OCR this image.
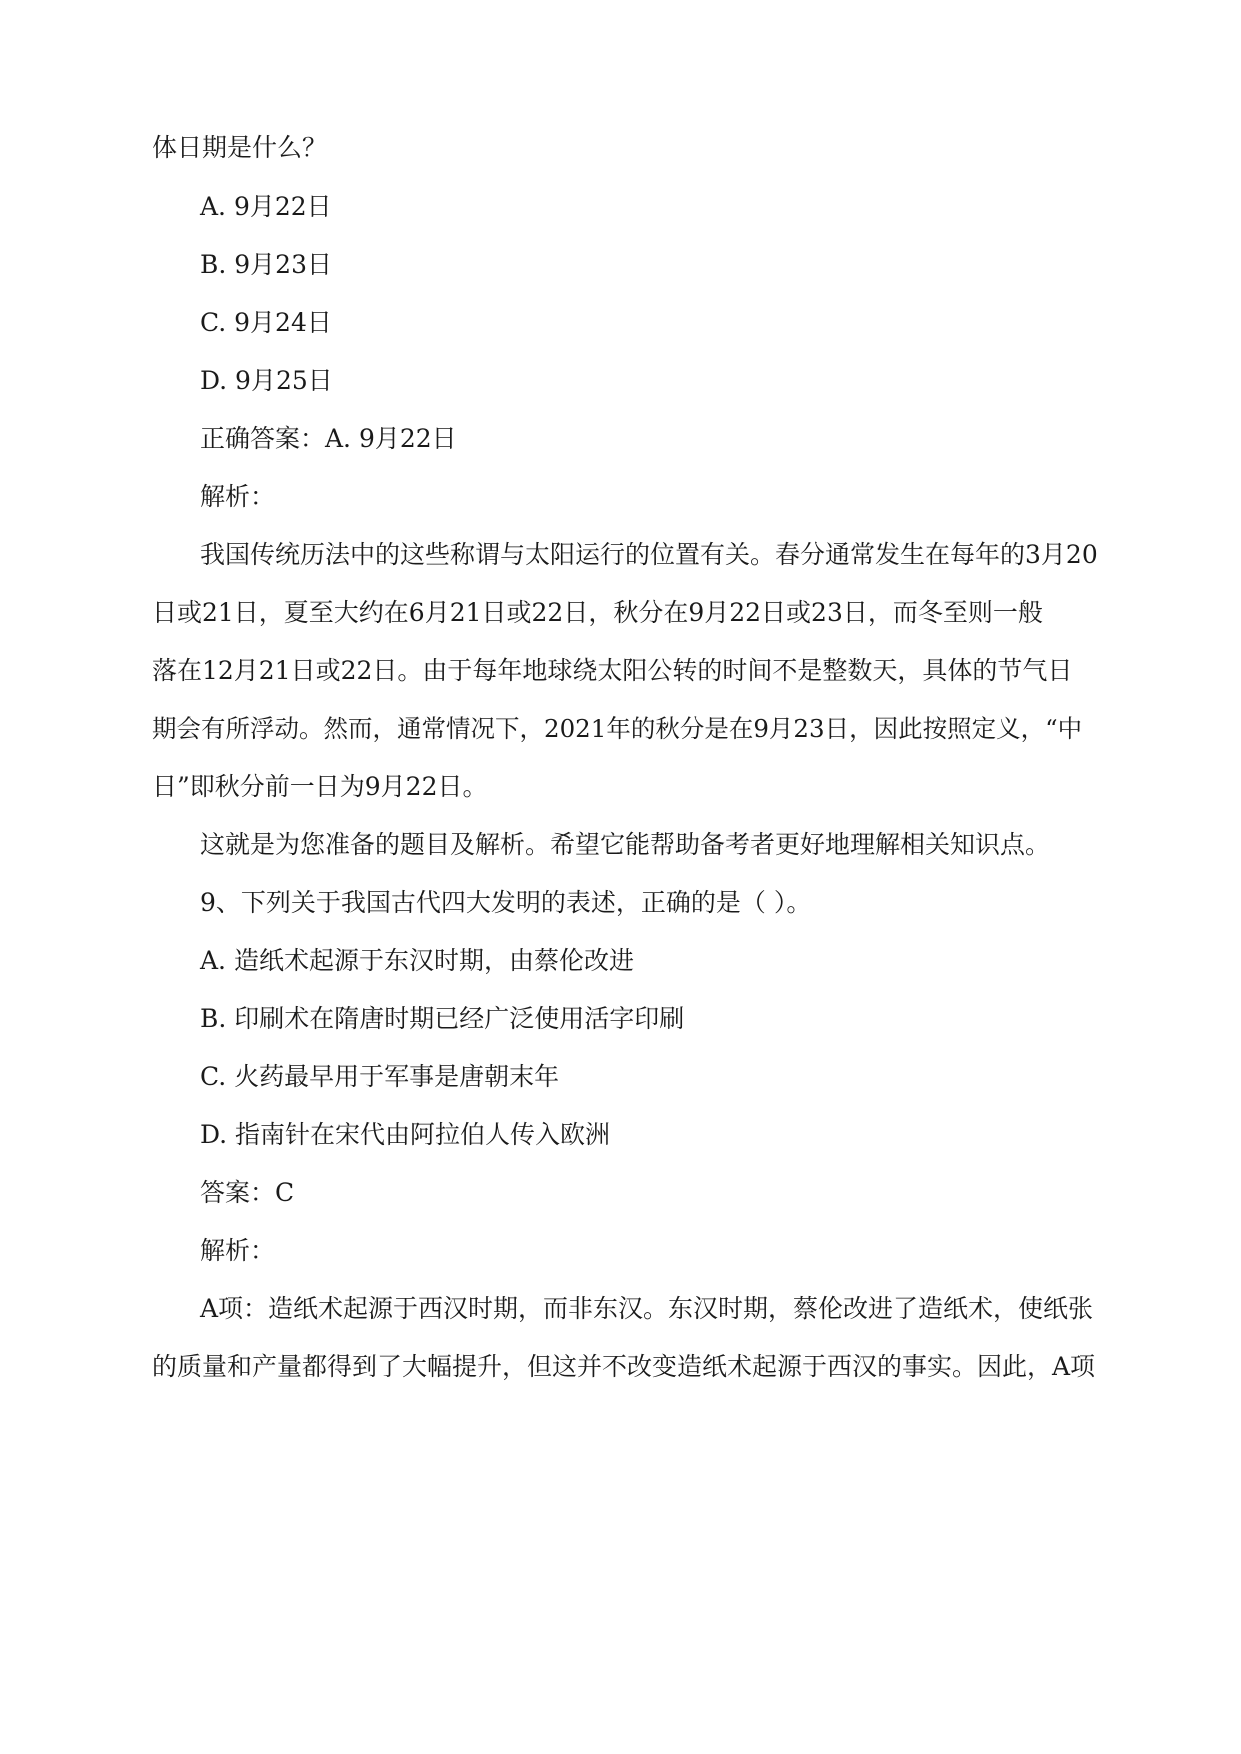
体日期是什么？
A. 9月22日
B. 9月23日
C. 9月24日
D. 9月25日
正确答案：A. 9月22日
解析：
我国传统历法中的这些称谓与太阳运行的位置有关。春分通常发生在每年的3月20
日或21日，夏至大约在6月21日或22日，秋分在9月22日或23日，而冬至则一般
落在12月21日或22日。由于每年地球绕太阳公转的时间不是整数天，具体的节气日
期会有所浮动。然而，通常情况下，2021年的秋分是在9月23日，因此按照定义，“中
日”即秋分前一日为9月22日。
这就是为您准备的题目及解析。希望它能帮助备考者更好地理解相关知识点。
9、下列关于我国古代四大发明的表述，正确的是（ ）。
A. 造纸术起源于东汉时期，由蔡伦改进
B. 印刷术在隋唐时期已经广泛使用活字印刷
C. 火药最早用于军事是唐朝末年
D. 指南针在宋代由阿拉伯人传入欧洲
答案：C
解析：
A项：造纸术起源于西汉时期，而非东汉。东汉时期，蔡伦改进了造纸术，使纸张
的质量和产量都得到了大幅提升，但这并不改变造纸术起源于西汉的事实。因此，A项
